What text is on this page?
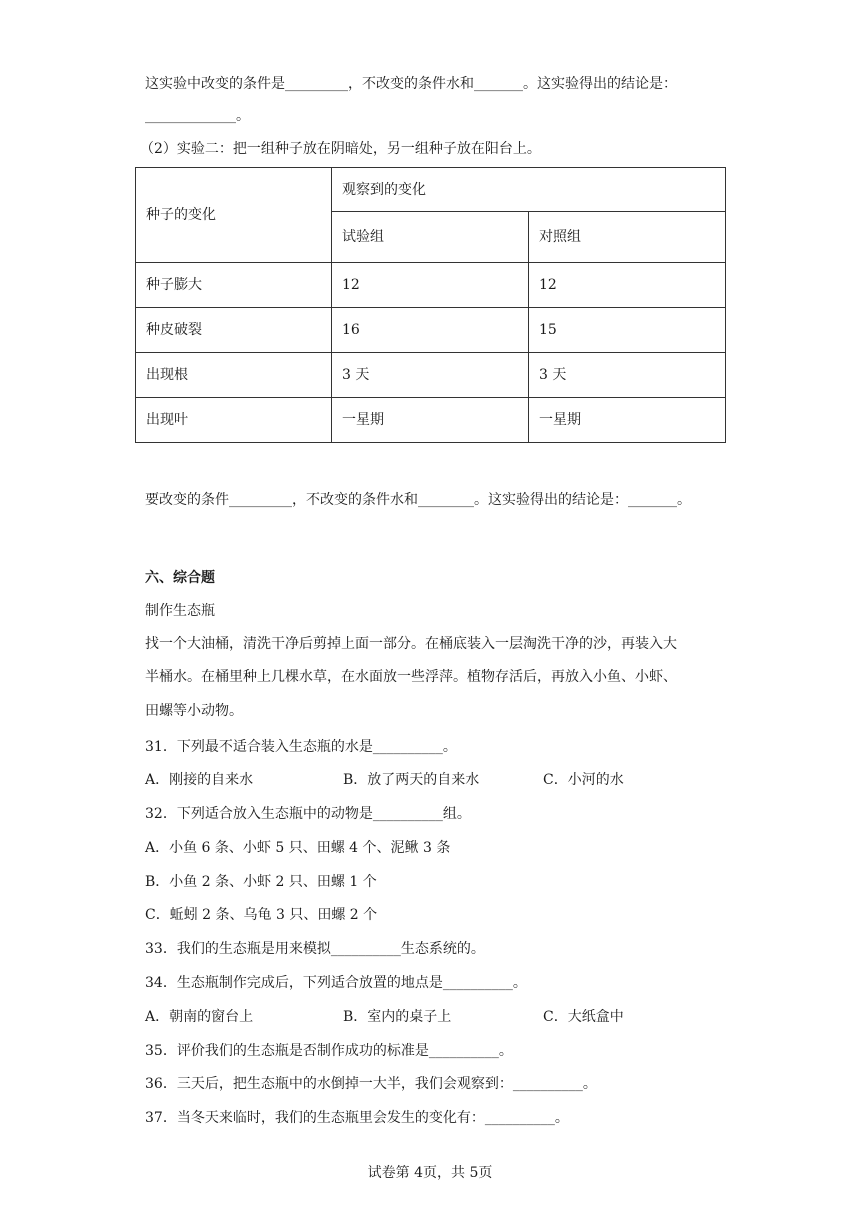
这实验中改变的条件是_________，不改变的条件水和_______。这实验得出的结论是：
_____________。
（2）实验二：把一组种子放在阴暗处，另一组种子放在阳台上。
种子的变化	观察到的变化	
	试验组	对照组
种子膨大	12	12
种皮破裂	16	15
出现根	3 天	3 天
出现叶	一星期	一星期
要改变的条件_________，不改变的条件水和________。这实验得出的结论是：_______。
六、综合题
制作生态瓶
找一个大油桶，清洗干净后剪掉上面一部分。在桶底装入一层淘洗干净的沙，再装入大
半桶水。在桶里种上几棵水草，在水面放一些浮萍。植物存活后，再放入小鱼、小虾、
田螺等小动物。
31．下列最不适合装入生态瓶的水是__________。
A．刚接的自来水	B．放了两天的自来水	C．小河的水
32．下列适合放入生态瓶中的动物是__________组。
A．小鱼 6 条、小虾 5 只、田螺 4 个、泥鳅 3 条
B．小鱼 2 条、小虾 2 只、田螺 1 个
C．蚯蚓 2 条、乌龟 3 只、田螺 2 个
33．我们的生态瓶是用来模拟__________生态系统的。
34．生态瓶制作完成后，下列适合放置的地点是__________。
A．朝南的窗台上	B．室内的桌子上	C．大纸盒中
35．评价我们的生态瓶是否制作成功的标准是__________。
36．三天后，把生态瓶中的水倒掉一大半，我们会观察到：__________。
37．当冬天来临时，我们的生态瓶里会发生的变化有：__________。
试卷第 4页，共 5页
